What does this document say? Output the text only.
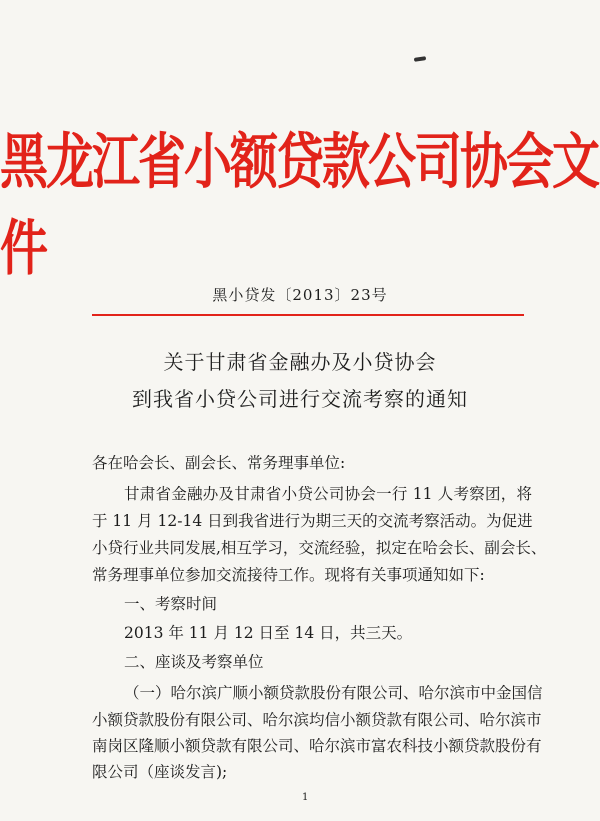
黑龙江省小额贷款公司协会文件
黑小贷发〔2013〕23号
关于甘肃省金融办及小贷协会
到我省小贷公司进行交流考察的通知
各在哈会长、副会长、常务理事单位:
甘肃省金融办及甘肃省小贷公司协会一行 11 人考察团，将
于 11 月 12-14 日到我省进行为期三天的交流考察活动。为促进
小贷行业共同发展,相互学习，交流经验，拟定在哈会长、副会长、
常务理事单位参加交流接待工作。现将有关事项通知如下:
一、考察时间
2013 年 11 月 12 日至 14 日，共三天。
二、座谈及考察单位
（一）哈尔滨广顺小额贷款股份有限公司、哈尔滨市中金国信
小额贷款股份有限公司、哈尔滨均信小额贷款有限公司、哈尔滨市
南岗区隆顺小额贷款有限公司、哈尔滨市富农科技小额贷款股份有
限公司（座谈发言);
1
